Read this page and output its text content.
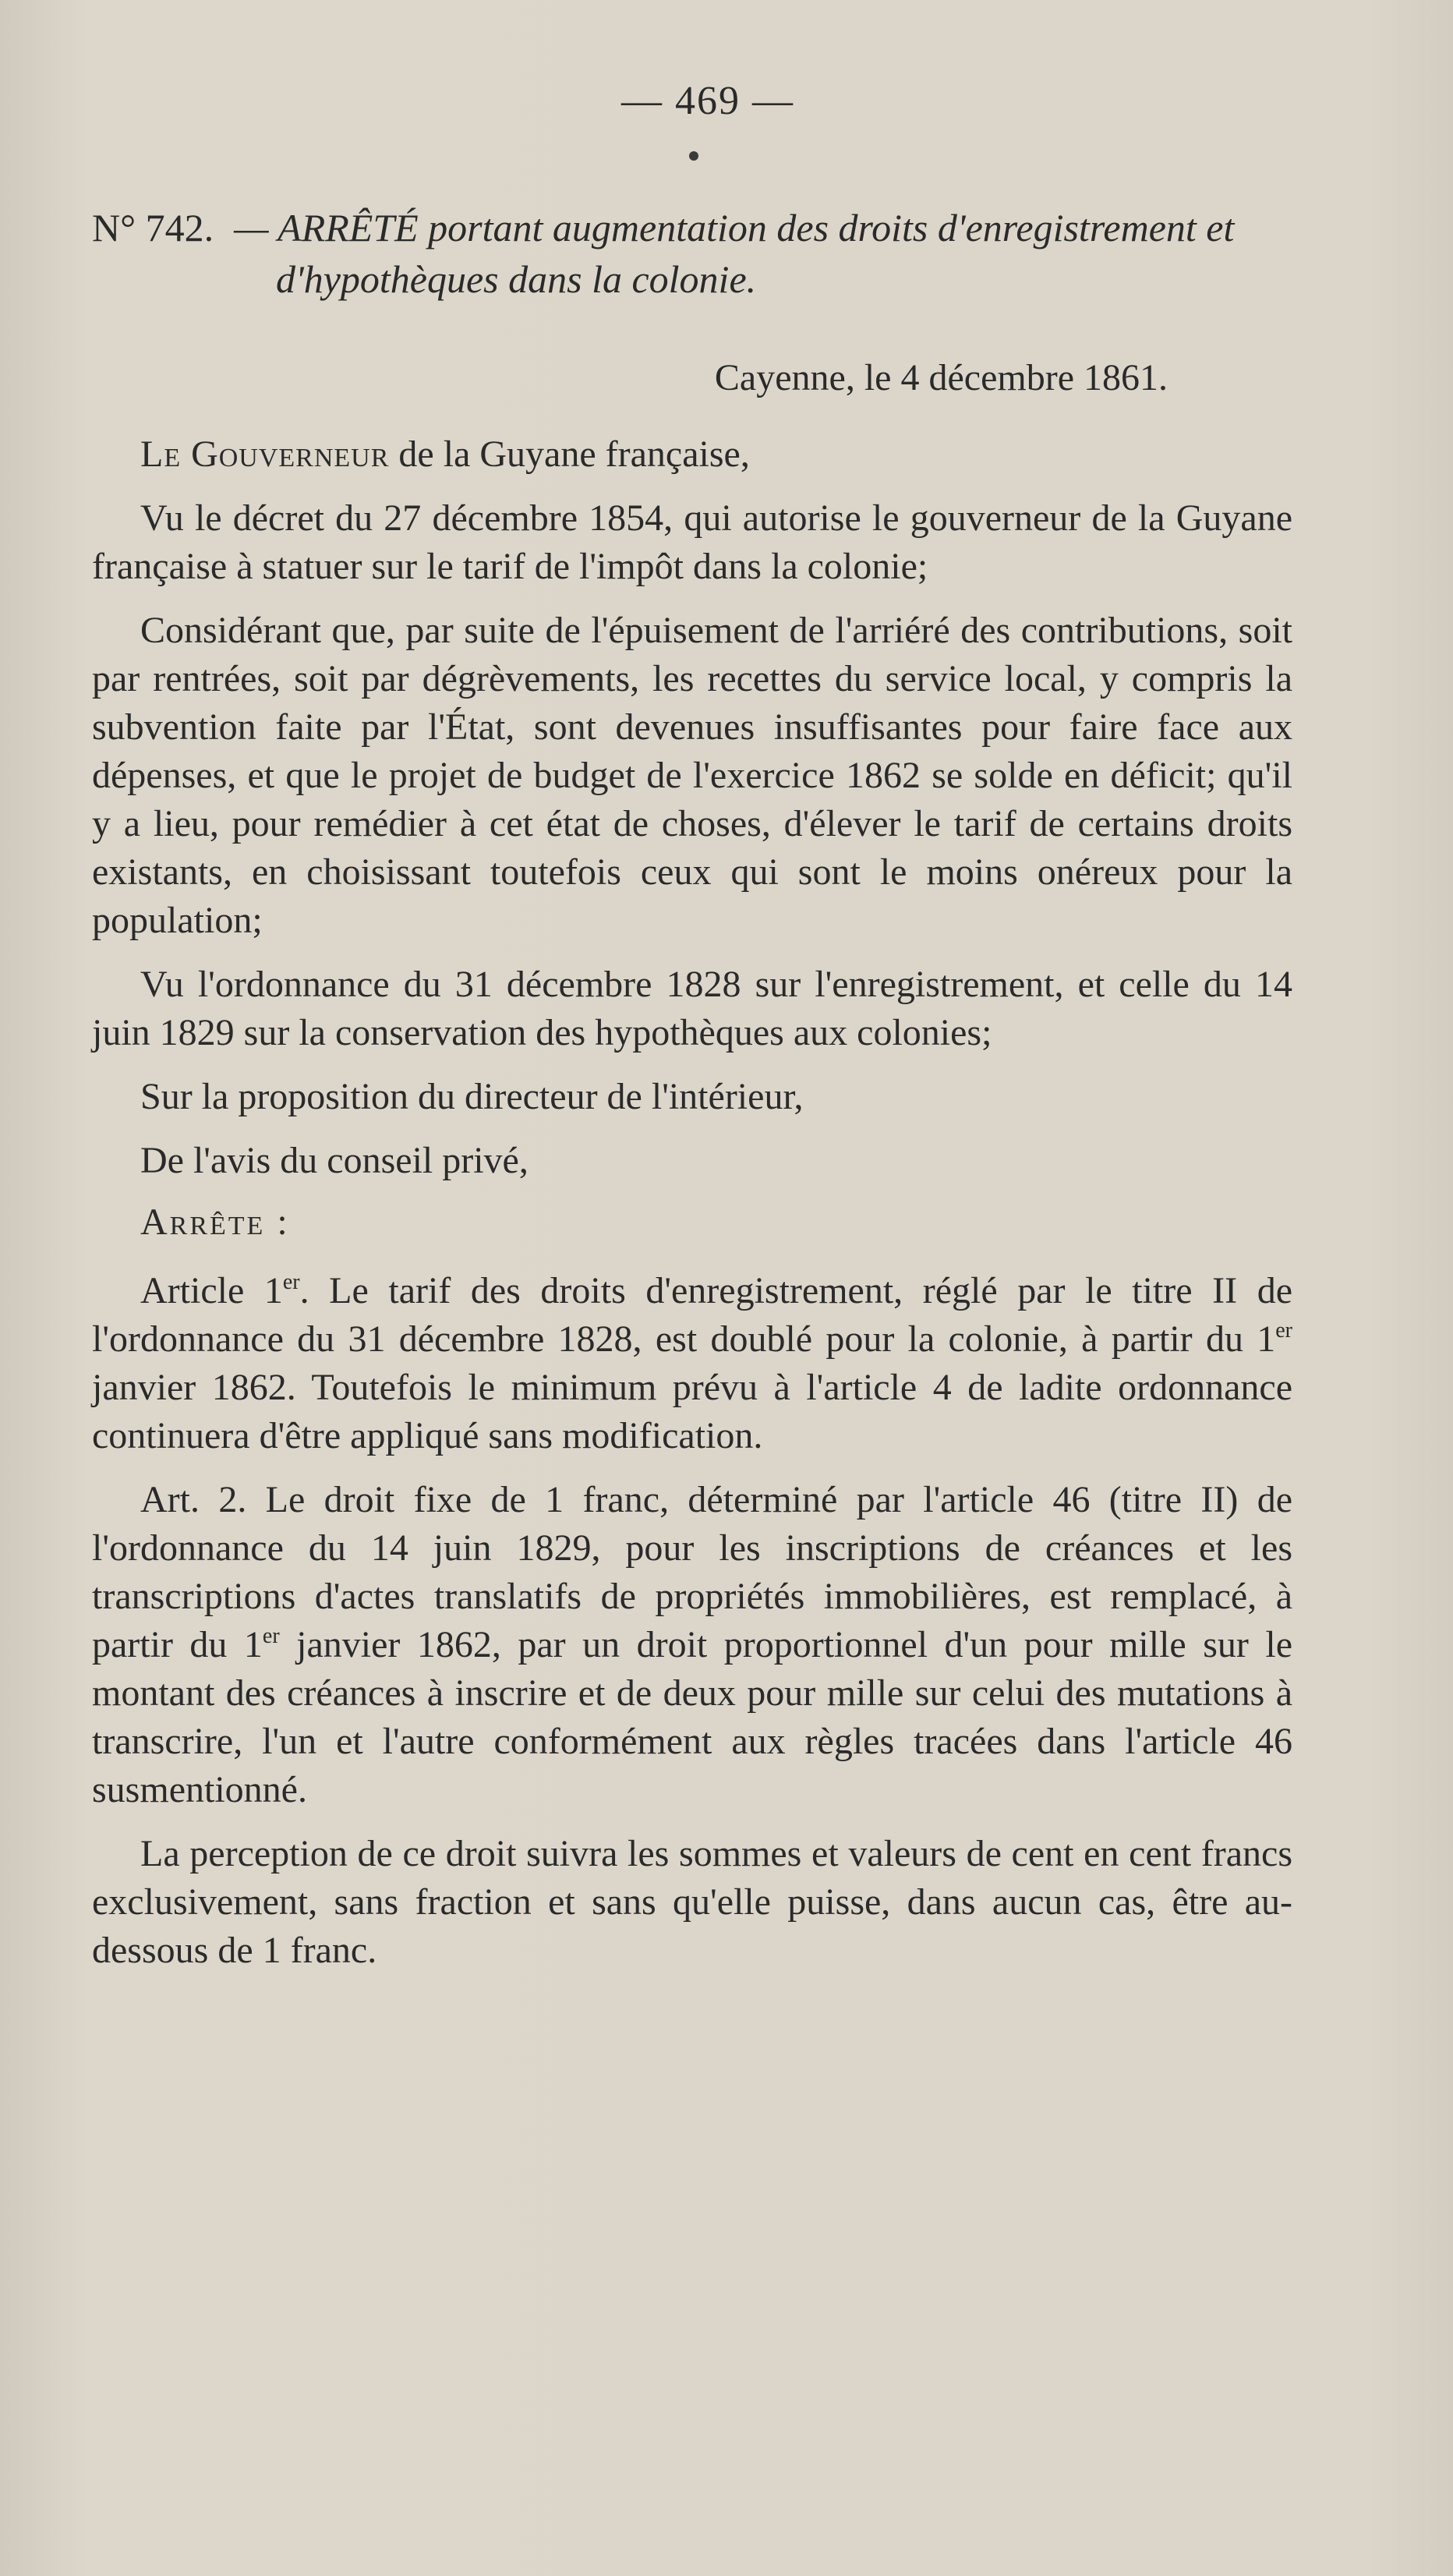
— 469 —
N° 742. — ARRÊTÉ portant augmentation des droits d'enregistrement et d'hypothèques dans la colonie.
Cayenne, le 4 décembre 1861.

Le Gouverneur de la Guyane française,

Vu le décret du 27 décembre 1854, qui autorise le gouverneur de la Guyane française à statuer sur le tarif de l'impôt dans la colonie;

Considérant que, par suite de l'épuisement de l'arriéré des contributions, soit par rentrées, soit par dégrèvements, les recettes du service local, y compris la subvention faite par l'État, sont devenues insuffisantes pour faire face aux dépenses, et que le projet de budget de l'exercice 1862 se solde en déficit; qu'il y a lieu, pour remédier à cet état de choses, d'élever le tarif de certains droits existants, en choisissant toutefois ceux qui sont le moins onéreux pour la population;

Vu l'ordonnance du 31 décembre 1828 sur l'enregistrement, et celle du 14 juin 1829 sur la conservation des hypothèques aux colonies;

Sur la proposition du directeur de l'intérieur,

De l'avis du conseil privé,

Arrête :

Article 1er. Le tarif des droits d'enregistrement, réglé par le titre II de l'ordonnance du 31 décembre 1828, est doublé pour la colonie, à partir du 1er janvier 1862. Toutefois le minimum prévu à l'article 4 de ladite ordonnance continuera d'être appliqué sans modification.

Art. 2. Le droit fixe de 1 franc, déterminé par l'article 46 (titre II) de l'ordonnance du 14 juin 1829, pour les inscriptions de créances et les transcriptions d'actes translatifs de propriétés immobilières, est remplacé, à partir du 1er janvier 1862, par un droit proportionnel d'un pour mille sur le montant des créances à inscrire et de deux pour mille sur celui des mutations à transcrire, l'un et l'autre conformément aux règles tracées dans l'article 46 susmentionné.

La perception de ce droit suivra les sommes et valeurs de cent en cent francs exclusivement, sans fraction et sans qu'elle puisse, dans aucun cas, être au-dessous de 1 franc.
